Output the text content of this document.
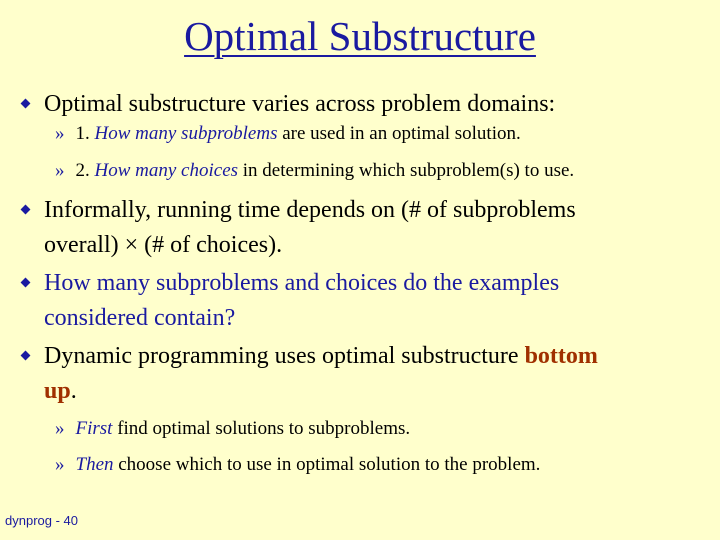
Optimal Substructure
Optimal substructure varies across problem domains:
» 1.
How many subproblems
are used in an optimal solution.
» 2.
How many choices
in determining which subproblem(s) to use.
Informally, running time depends on (# of subproblems
overall) × (# of choices).
How many subproblems and choices do the examples
considered contain?
Dynamic programming uses optimal substructure bottom
up.
» First
find optimal solutions to subproblems.
» Then
choose which to use in optimal solution to the problem.
dynprog - 40
